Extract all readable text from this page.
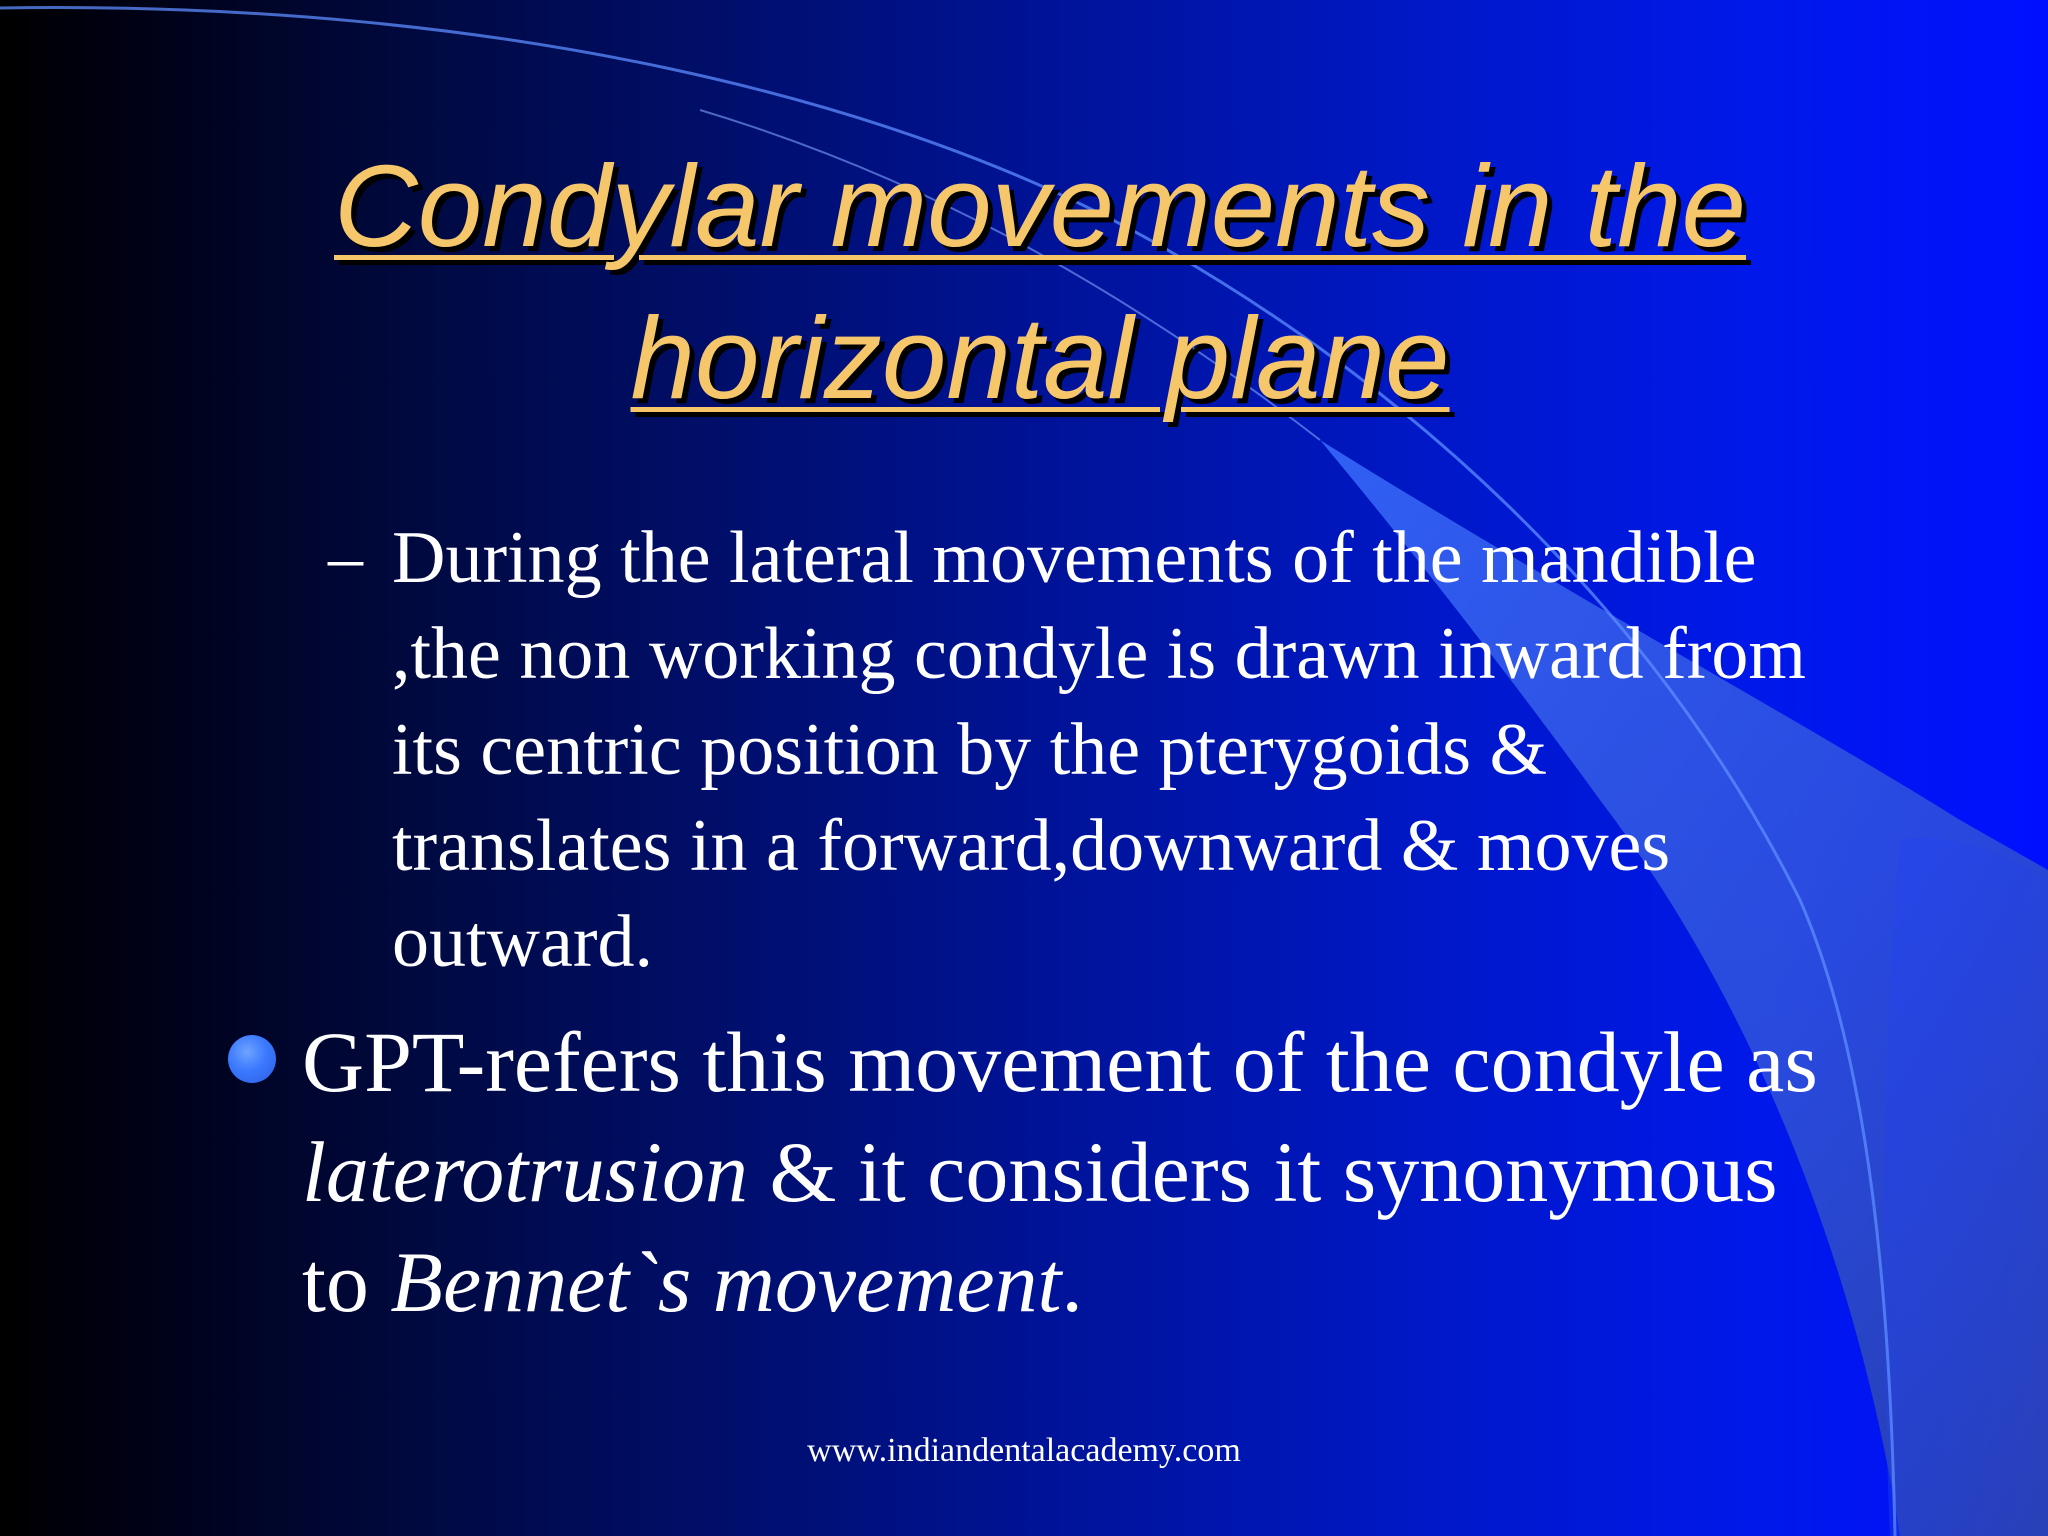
Condylar movements in the
horizontal plane
– During the lateral movements of the mandible
,the non working condyle is drawn inward from
its centric position by the pterygoids &
translates in a forward,downward & moves
outward.
GPT-refers this movement of the condyle as
laterotrusion & it considers it synonymous
to Bennet`s movement.
www.indiandentalacademy.com
